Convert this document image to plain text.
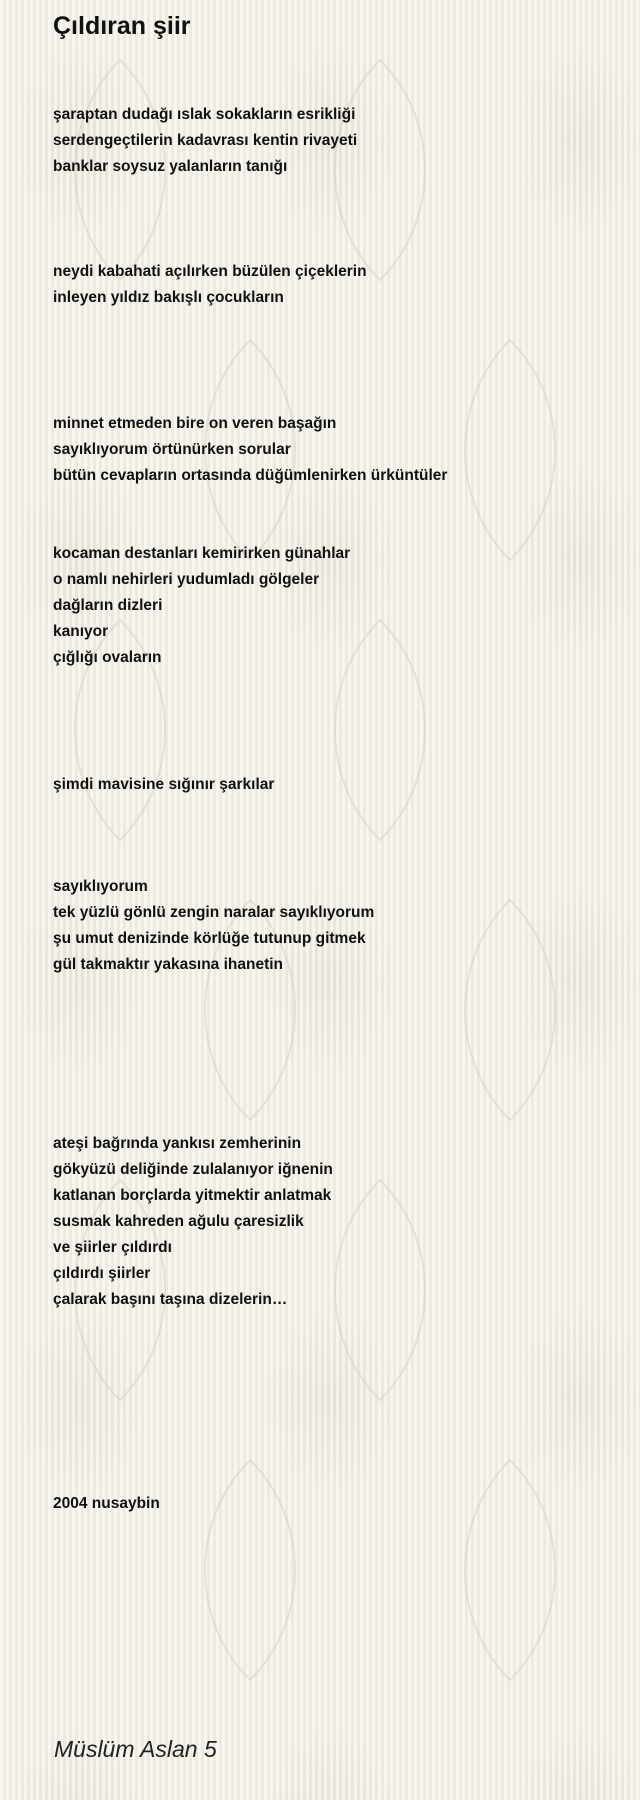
Çıldıran şiir
şaraptan dudağı ıslak sokakların esrikliği
serdengeçtilerin kadavrası kentin rivayeti
banklar soysuz yalanların tanığı
neydi kabahati açılırken büzülen çiçeklerin
inleyen yıldız bakışlı çocukların
minnet etmeden bire on veren başağın
sayıklıyorum örtünürken sorular
bütün cevapların ortasında düğümlenirken ürküntüler
kocaman destanları kemirirken günahlar
o namlı nehirleri yudumladı gölgeler
dağların dizleri
kanıyor
çığlığı ovaların
şimdi mavisine sığınır şarkılar
sayıklıyorum
tek yüzlü gönlü zengin naralar sayıklıyorum
şu umut denizinde körlüğe tutunup gitmek
gül takmaktır yakasına ihanetin
ateşi bağrında yankısı zemherinin
gökyüzü deliğinde zulalanıyor iğnenin
katlanan borçlarda yitmektir anlatmak
susmak kahreden ağulu çaresizlik
ve şiirler çıldırdı
çıldırdı şiirler
çalarak başını taşına dizelerin…
2004 nusaybin
Müslüm Aslan 5
